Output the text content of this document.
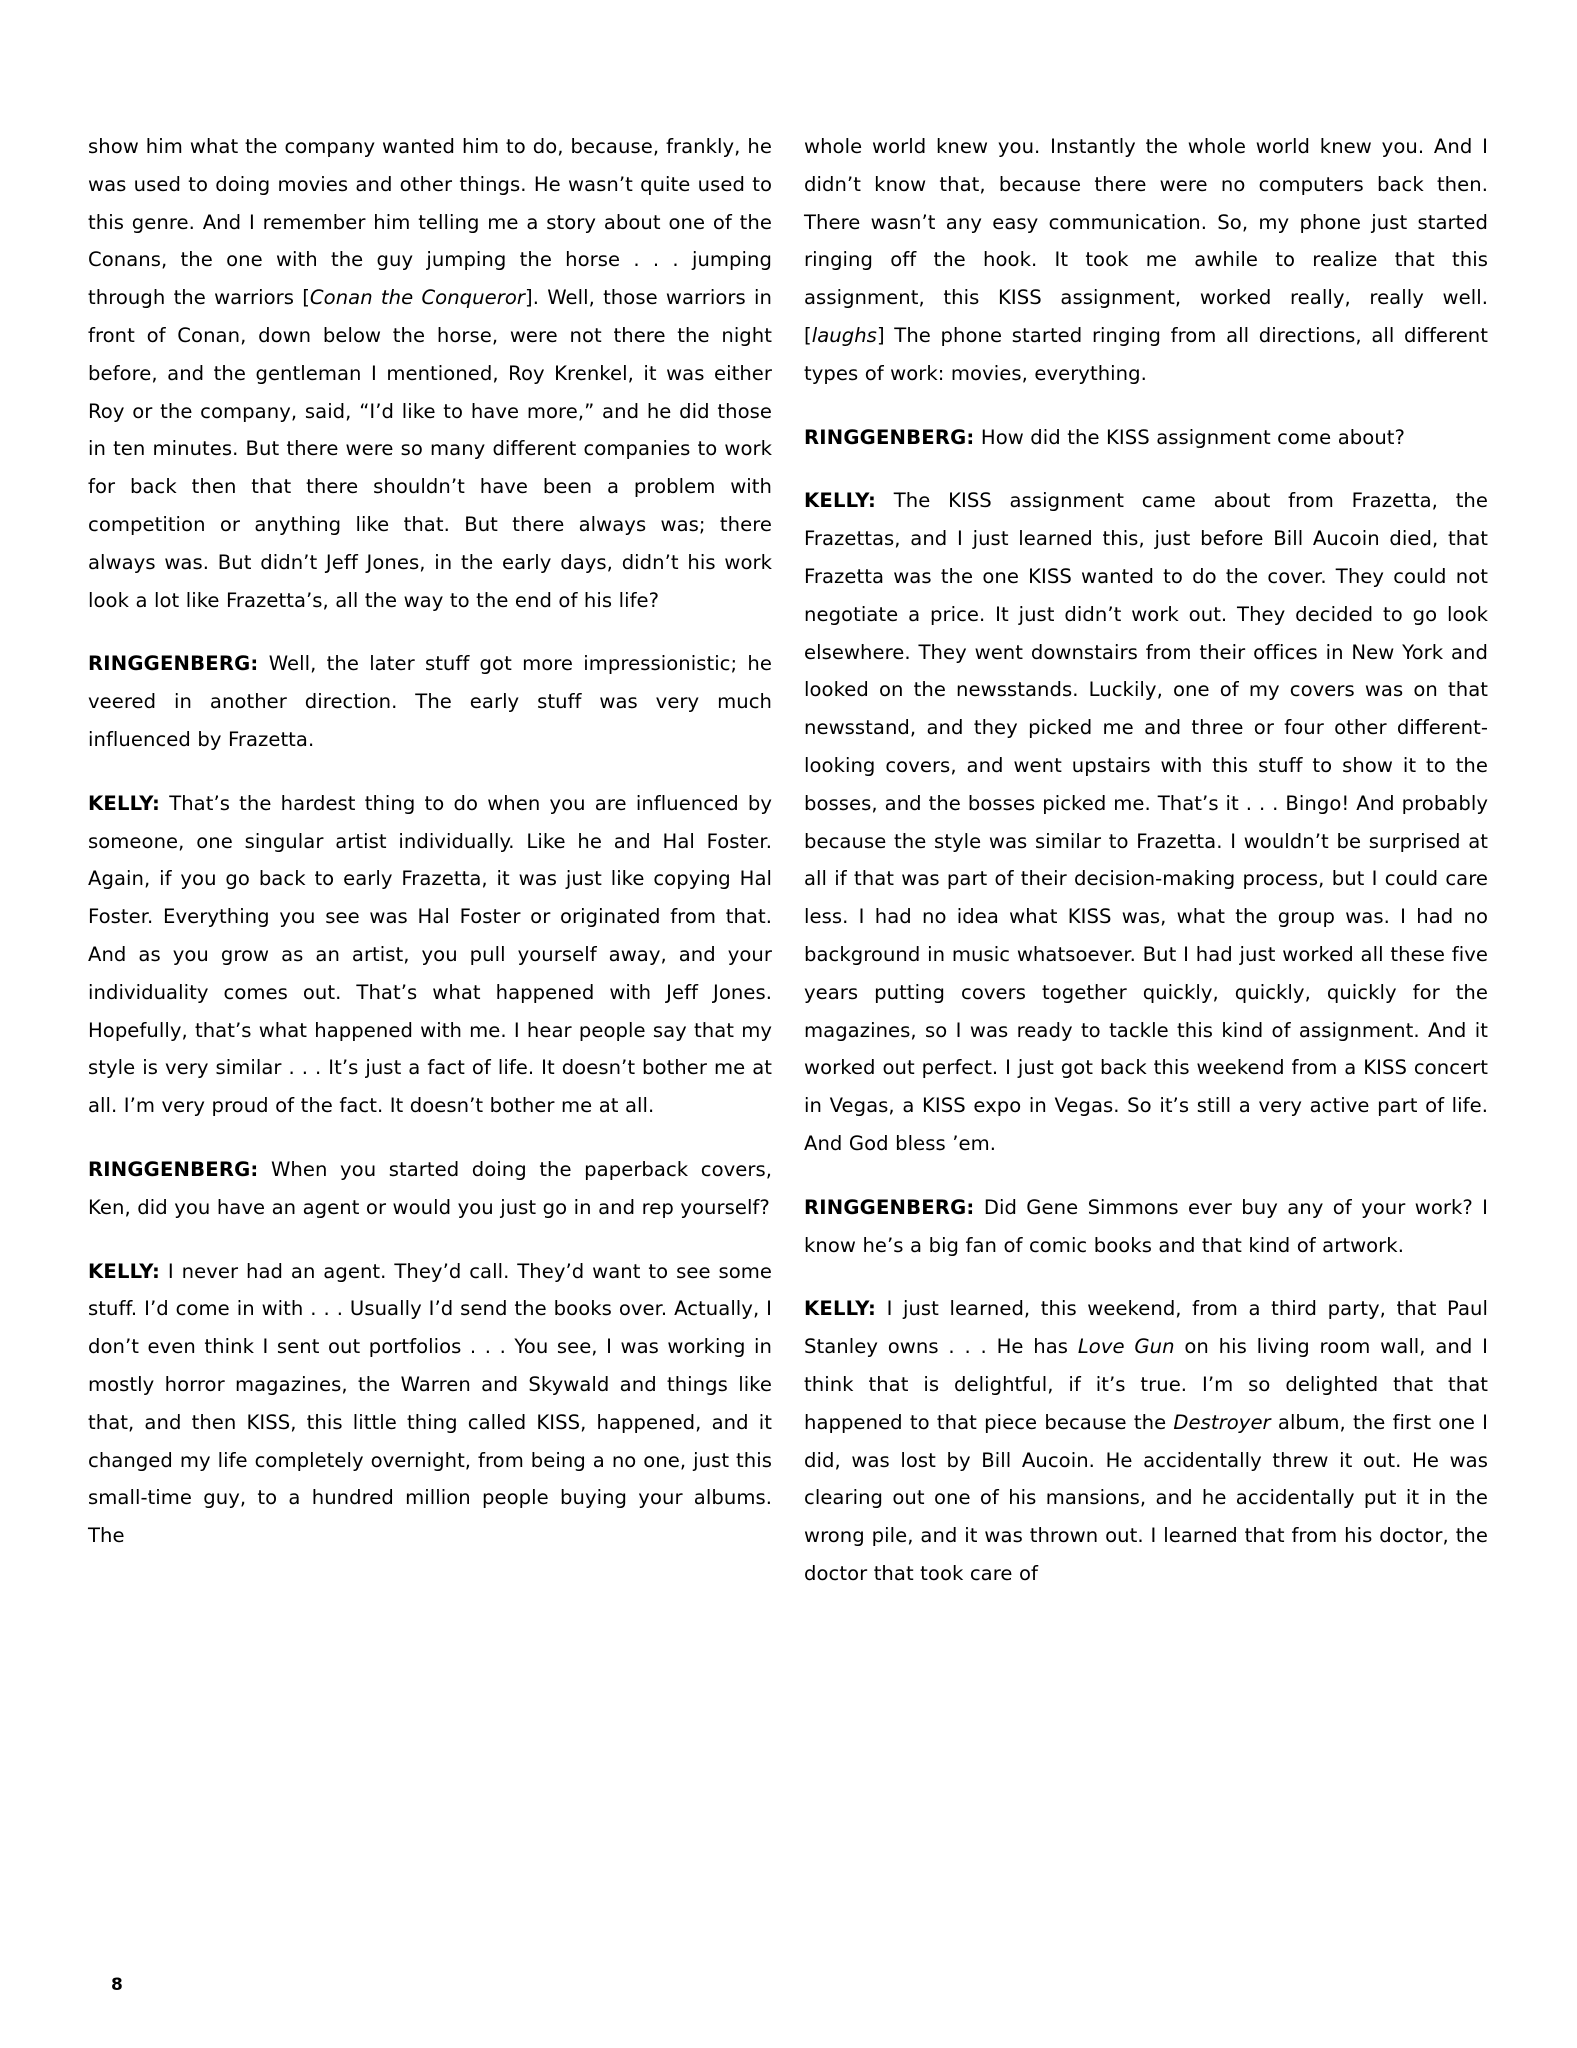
show him what the company wanted him to do, because, frankly, he was used to doing movies and other things. He wasn’t quite used to this genre. And I remember him telling me a story about one of the Conans, the one with the guy jumping the horse . . . jumping through the warriors [Conan the Conqueror]. Well, those warriors in front of Conan, down below the horse, were not there the night before, and the gentleman I mentioned, Roy Krenkel, it was either Roy or the company, said, “I’d like to have more,” and he did those in ten minutes. But there were so many different companies to work for back then that there shouldn’t have been a problem with competition or anything like that. But there always was; there always was. But didn’t Jeff Jones, in the early days, didn’t his work look a lot like Frazetta’s, all the way to the end of his life?

RINGGENBERG: Well, the later stuff got more impressionistic; he veered in another direction. The early stuff was very much influenced by Frazetta.

KELLY: That’s the hardest thing to do when you are influenced by someone, one singular artist individually. Like he and Hal Foster. Again, if you go back to early Frazetta, it was just like copying Hal Foster. Everything you see was Hal Foster or originated from that. And as you grow as an artist, you pull yourself away, and your individuality comes out. That’s what happened with Jeff Jones. Hopefully, that’s what happened with me. I hear people say that my style is very similar . . . It’s just a fact of life. It doesn’t bother me at all. I’m very proud of the fact. It doesn’t bother me at all.

RINGGENBERG: When you started doing the paperback covers, Ken, did you have an agent or would you just go in and rep yourself?

KELLY: I never had an agent. They’d call. They’d want to see some stuff. I’d come in with . . . Usually I’d send the books over. Actually, I don’t even think I sent out portfolios . . . You see, I was working in mostly horror magazines, the Warren and Skywald and things like that, and then KISS, this little thing called KISS, happened, and it changed my life completely overnight, from being a no one, just this small-time guy, to a hundred million people buying your albums. The

whole world knew you. Instantly the whole world knew you. And I didn’t know that, because there were no computers back then. There wasn’t any easy communication. So, my phone just started ringing off the hook. It took me awhile to realize that this assignment, this KISS assignment, worked really, really well. [laughs] The phone started ringing from all directions, all different types of work: movies, everything.

RINGGENBERG: How did the KISS assignment come about?

KELLY: The KISS assignment came about from Frazetta, the Frazettas, and I just learned this, just before Bill Aucoin died, that Frazetta was the one KISS wanted to do the cover. They could not negotiate a price. It just didn’t work out. They decided to go look elsewhere. They went downstairs from their offices in New York and looked on the newsstands. Luckily, one of my covers was on that newsstand, and they picked me and three or four other different-looking covers, and went upstairs with this stuff to show it to the bosses, and the bosses picked me. That’s it . . . Bingo! And probably because the style was similar to Frazetta. I wouldn’t be surprised at all if that was part of their decision-making process, but I could care less. I had no idea what KISS was, what the group was. I had no background in music whatsoever. But I had just worked all these five years putting covers together quickly, quickly, quickly for the magazines, so I was ready to tackle this kind of assignment. And it worked out perfect. I just got back this weekend from a KISS concert in Vegas, a KISS expo in Vegas. So it’s still a very active part of life. And God bless ’em.

RINGGENBERG: Did Gene Simmons ever buy any of your work? I know he’s a big fan of comic books and that kind of artwork.

KELLY: I just learned, this weekend, from a third party, that Paul Stanley owns . . . He has Love Gun on his living room wall, and I think that is delightful, if it’s true. I’m so delighted that that happened to that piece because the Destroyer album, the first one I did, was lost by Bill Aucoin. He accidentally threw it out. He was clearing out one of his mansions, and he accidentally put it in the wrong pile, and it was thrown out. I learned that from his doctor, the doctor that took care of

8
